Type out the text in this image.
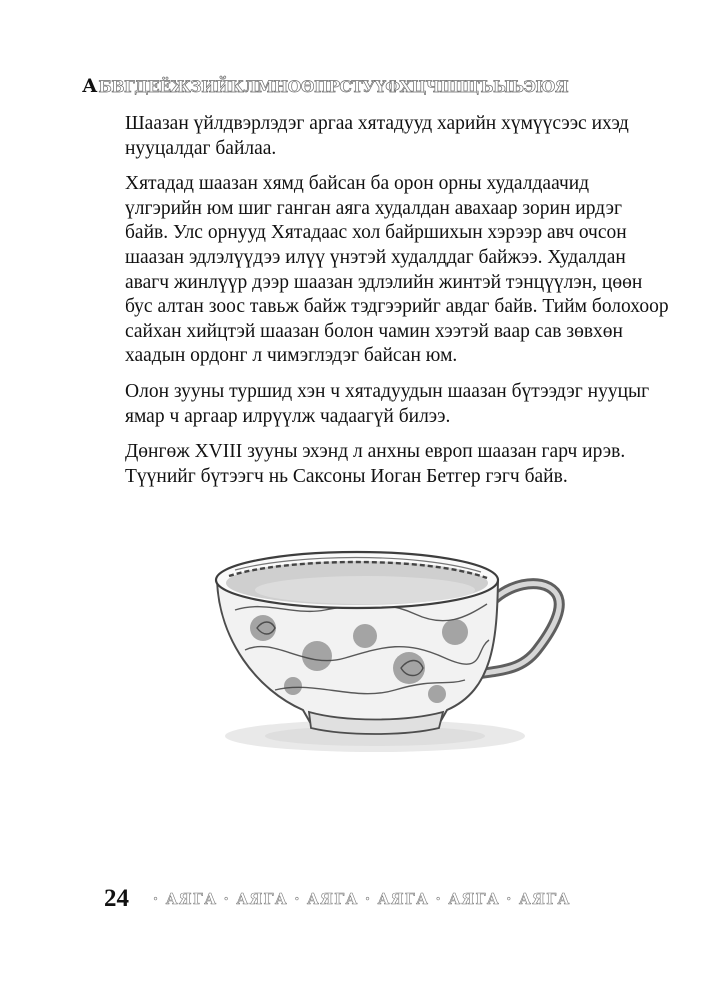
А БВГДЕЁЖЗИЙКЛМНОӨПРСТУҮФХЦЧШЩЪЫЬЭЮЯ

Шаазан үйлдвэрлэдэг аргаа хятадууд харийн хүмүүсээс ихэд
нууцалдаг байлаа.

Хятадад шаазан хямд байсан ба орон орны худалдаачид
үлгэрийн юм шиг ганган аяга худалдан авахаар зорин ирдэг
байв. Улс орнууд Хятадаас хол байршихын хэрээр авч очсон
шаазан эдлэлүүдээ илүү үнэтэй худалддаг байжээ. Худалдан
авагч жинлүүр дээр шаазан эдлэлийн жинтэй тэнцүүлэн, цөөн
бус алтан зоос тавьж байж тэдгээрийг авдаг байв. Тийм болохоор
сайхан хийцтэй шаазан болон чамин хээтэй ваар сав зөвхөн
хаадын ордонг л чимэглэдэг байсан юм.

Олон зууны туршид хэн ч хятадуудын шаазан бүтээдэг нууцыг
ямар ч аргаар илрүүлж чадаагүй билээ.

Дөнгөж XVIII зууны эхэнд л анхны европ шаазан гарч ирэв.
Түүнийг бүтээгч нь Саксоны Иоган Бетгер гэгч байв.

24 · АЯГА · АЯГА · АЯГА · АЯГА · АЯГА · АЯГА
